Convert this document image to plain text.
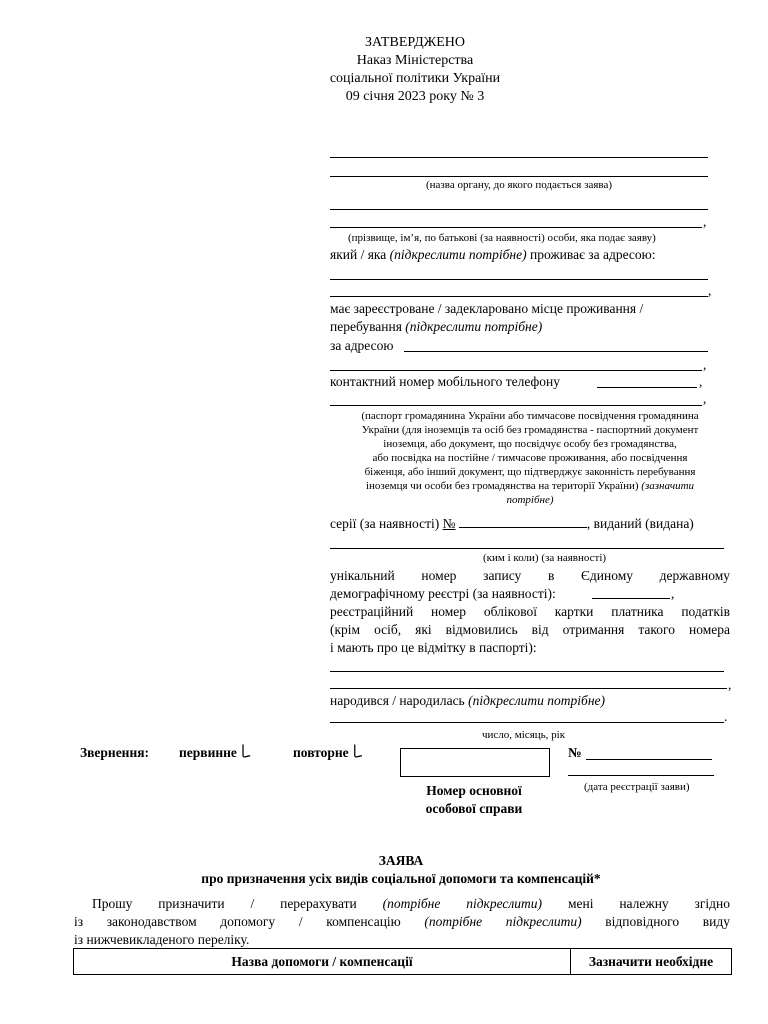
ЗАТВЕРДЖЕНО
Наказ Міністерства
соціальної політики України
09 січня 2023 року № 3
(назва органу, до якого подається заява)
,
(прізвище, ім’я, по батькові (за наявності) особи, яка подає заяву)
який / яка (підкреслити потрібне) проживає за адресою:
,
має зареєстроване / задекларовано місце проживання /
перебування (підкреслити потрібне)
за адресою
,
контактний номер мобільного телефону	,
,
(паспорт громадянина України або тимчасове посвідчення громадянина
України (для іноземців та осіб без громадянства - паспортний документ
іноземця, або документ, що посвідчує особу без громадянства,
або посвідка на постійне / тимчасове проживання, або посвідчення
біженця, або інший документ, що підтверджує законність перебування
іноземця чи особи без громадянства на території України) (зазначити
потрібне)
серії (за наявності) №	, виданий (видана)
(ким і коли) (за наявності)
унікальний номер запису в Єдиному державному
демографічному реєстрі (за наявності):	,
реєстраційний номер облікової картки платника податків
(крім осіб, які відмовились від отримання такого номера
і мають про це відмітку в паспорті):
,
народився / народилась (підкреслити потрібне)
.
число, місяць, рік
Звернення: первинне ꒒	повторне ꒒
Номер основної
особової справи
№
(дата реєстрації заяви)
ЗАЯВА
про призначення усіх видів соціальної допомоги та компенсацій*
Прошу призначити / перерахувати (потрібне підкреслити) мені належну згідно
із законодавством допомогу / компенсацію (потрібне підкреслити) відповідного виду
із нижчевикладеного переліку.
Назва допомоги / компенсації	Зазначити необхідне
